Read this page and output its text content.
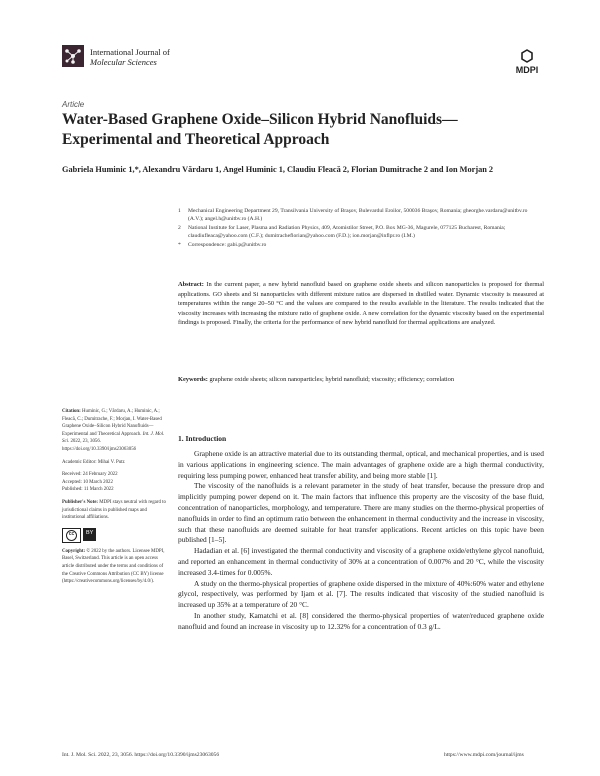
International Journal of
Molecular Sciences
MDPI
Article
Water-Based Graphene Oxide–Silicon Hybrid Nanofluids—Experimental and Theoretical Approach
Gabriela Huminic 1,*, Alexandru Vărdaru 1, Angel Huminic 1, Claudiu Fleacă 2, Florian Dumitrache 2 and Ion Morjan 2
1	Mechanical Engineering Department 29, Transilvania University of Braşov, Bulevardul Eroilor, 500036 Braşov, Romania; gheorghe.vardaru@unitbv.ro (A.V.); angel.h@unitbv.ro (A.H.)
2	National Institute for Laser, Plasma and Radiation Physics, 409, Atomistilor Street, P.O. Box MG-36, Magurele, 077125 Bucharest, Romania; claudiufleaca@yahoo.com (C.F.); dumitracheflorian@yahoo.com (F.D.); ion.morjan@inflpr.ro (I.M.)
*	Correspondence: gabi.p@unitbv.ro
Abstract: In the current paper, a new hybrid nanofluid based on graphene oxide sheets and silicon nanoparticles is proposed for thermal applications. GO sheets and Si nanoparticles with different mixture ratios are dispersed in distilled water. Dynamic viscosity is measured at temperatures within the range 20–50 °C and the values are compared to the results available in the literature. The results indicated that the viscosity increases with increasing the mixture ratio of graphene oxide. A new correlation for the dynamic viscosity based on the experimental findings is proposed. Finally, the criteria for the performance of new hybrid nanofluid for thermal applications are analyzed.
Keywords: graphene oxide sheets; silicon nanoparticles; hybrid nanofluid; viscosity; efficiency; correlation

Citation: Huminic, G.; Vărdaru, A.; Huminic, A.; Fleacă, C.; Dumitrache, F.; Morjan, I. Water-Based Graphene Oxide–Silicon Hybrid Nanofluids—Experimental and Theoretical Approach. Int. J. Mol. Sci. 2022, 23, 3056. https://doi.org/10.3390/ijms23063056

Academic Editor: Mihai V. Putz

Received: 24 February 2022

Accepted: 10 March 2022

Published: 11 March 2022

Publisher's Note: MDPI stays neutral with regard to jurisdictional claims in published maps and institutional affiliations.

cc	BY

Copyright: © 2022 by the authors. Licensee MDPI, Basel, Switzerland. This article is an open access article distributed under the terms and conditions of the Creative Commons Attribution (CC BY) license (https://creativecommons.org/licenses/by/4.0/).

1. Introduction

Graphene oxide is an attractive material due to its outstanding thermal, optical, and mechanical properties, and is used in various applications in engineering science. The main advantages of graphene oxide are a high thermal conductivity, requiring less pumping power, enhanced heat transfer ability, and being more stable [1].

The viscosity of the nanofluids is a relevant parameter in the study of heat transfer, because the pressure drop and implicitly pumping power depend on it. The main factors that influence this property are the viscosity of the base fluid, concentration of nanoparticles, morphology, and temperature. There are many studies on the thermo-physical properties of nanofluids in order to find an optimum ratio between the enhancement in thermal conductivity and the increase in viscosity, such that these nanofluids are deemed suitable for heat transfer applications. Recent articles on this topic have been published [1–5].

Hadadian et al. [6] investigated the thermal conductivity and viscosity of a graphene oxide/ethylene glycol nanofluid, and reported an enhancement in thermal conductivity of 30% at a concentration of 0.007% and 20 °C, while the viscosity increased 3.4-times for 0.005%.

A study on the thermo-physical properties of graphene oxide dispersed in the mixture of 40%:60% water and ethylene glycol, respectively, was performed by Ijam et al. [7]. The results indicated that viscosity of the studied nanofluid is increased up 35% at a temperature of 20 °C.

In another study, Kamatchi et al. [8] considered the thermo-physical properties of water/reduced graphene oxide nanofluid and found an increase in viscosity up to 12.32% for a concentration of 0.3 g/L.

Int. J. Mol. Sci. 2022, 23, 3056. https://doi.org/10.3390/ijms23063056	https://www.mdpi.com/journal/ijms
